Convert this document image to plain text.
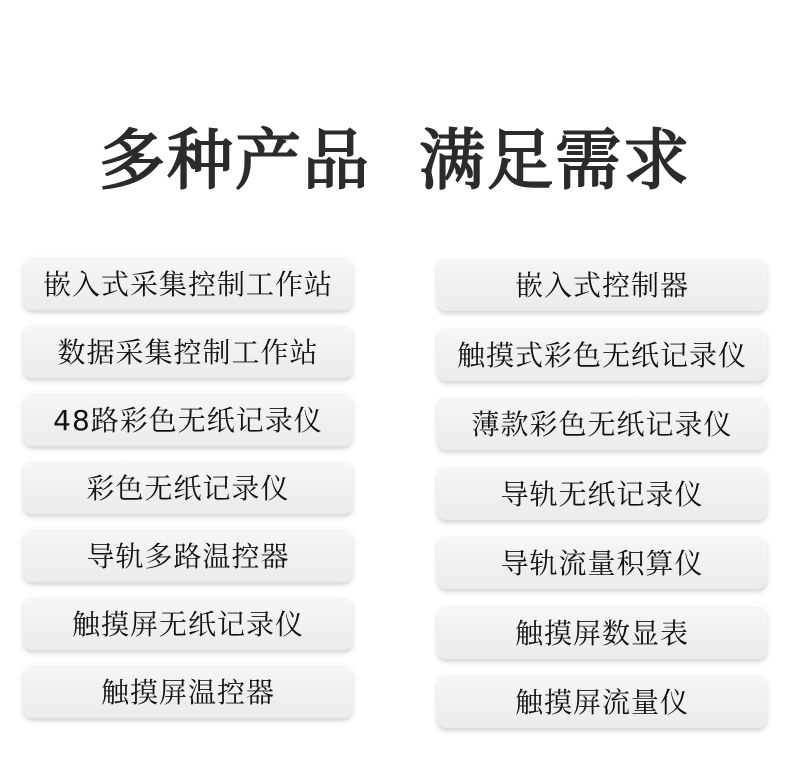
多种产品 满足需求
嵌入式采集控制工作站
数据采集控制工作站
48路彩色无纸记录仪
彩色无纸记录仪
导轨多路温控器
触摸屏无纸记录仪
触摸屏温控器
嵌入式控制器
触摸式彩色无纸记录仪
薄款彩色无纸记录仪
导轨无纸记录仪
导轨流量积算仪
触摸屏数显表
触摸屏流量仪
